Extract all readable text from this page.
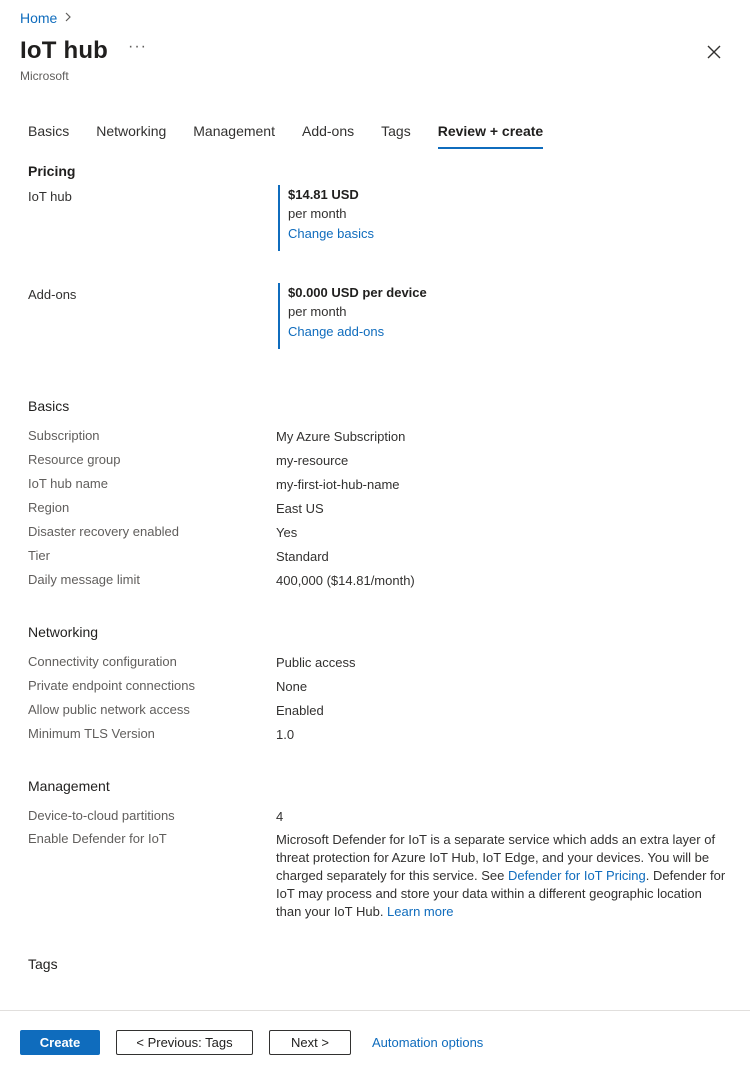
Home
IoT hub ···
Microsoft
Basics Networking Management Add-ons Tags Review + create
Pricing
IoT hub	$14.81 USD
per month
Change basics
Add-ons	$0.000 USD per device
per month
Change add-ons
Basics
Subscription	My Azure Subscription
Resource group	my-resource
IoT hub name	my-first-iot-hub-name
Region	East US
Disaster recovery enabled	Yes
Tier	Standard
Daily message limit	400,000 ($14.81/month)
Networking
Connectivity configuration	Public access
Private endpoint connections	None
Allow public network access	Enabled
Minimum TLS Version	1.0
Management
Device-to-cloud partitions	4
Enable Defender for IoT	Microsoft Defender for IoT is a separate service which adds an extra layer of threat protection for Azure IoT Hub, IoT Edge, and your devices. You will be charged separately for this service. See Defender for IoT Pricing. Defender for IoT may process and store your data within a different geographic location than your IoT Hub. Learn more
Tags
Create	< Previous: Tags	Next >	Automation options
